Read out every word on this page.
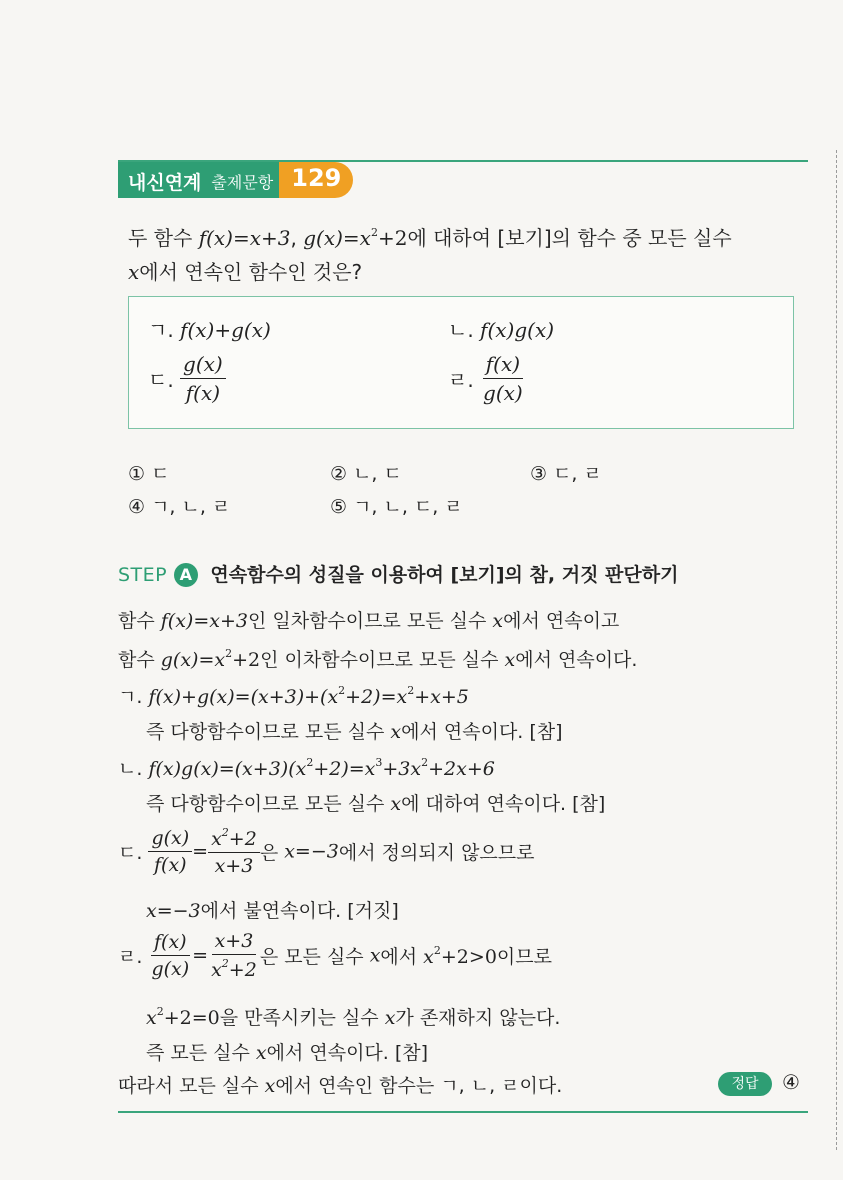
내신연계 출제문항 129
두 함수 f(x)=x+3, $g(x)=x^2+2$에 대하여 [보기]의 함수 중 모든 실수
x에서 연속인 함수인 것은?
ㄱ. f(x)+g(x)	ㄴ. f(x)g(x)
ㄷ. $\frac{g(x)}{f(x)}$	ㄹ. $\frac{f(x)}{g(x)}$
① ㄷ	② ㄴ, ㄷ	③ ㄷ, ㄹ
④ ㄱ, ㄴ, ㄹ	⑤ ㄱ, ㄴ, ㄷ, ㄹ
STEP A 연속함수의 성질을 이용하여 [보기]의 참, 거짓 판단하기
함수 f(x)=x+3인 일차함수이므로 모든 실수 x에서 연속이고
함수 $g(x)=x^2+2$인 이차함수이므로 모든 실수 x에서 연속이다.
ㄱ. $f(x)+g(x)=(x+3)+(x^2+2)=x^2+x+5$
즉 다항함수이므로 모든 실수 x에서 연속이다. [참]
ㄴ. $f(x)g(x)=(x+3)(x^2+2)=x^3+3x^2+2x+6$
즉 다항함수이므로 모든 실수 x에 대하여 연속이다. [참]
ㄷ. $\frac{g(x)}{f(x)} = \frac{x^2+2}{x+3}$ 은 x=−3에서 정의되지 않으므로
x=−3에서 불연속이다. [거짓]
ㄹ. $\frac{f(x)}{g(x)} = \frac{x+3}{x^2+2}$ 은 모든 실수 x에서 $x^2+2>0$이므로
$x^2+2=0$을 만족시키는 실수 x가 존재하지 않는다.
즉 모든 실수 x에서 연속이다. [참]
따라서 모든 실수 x에서 연속인 함수는 ㄱ, ㄴ, ㄹ이다.	정답	④
